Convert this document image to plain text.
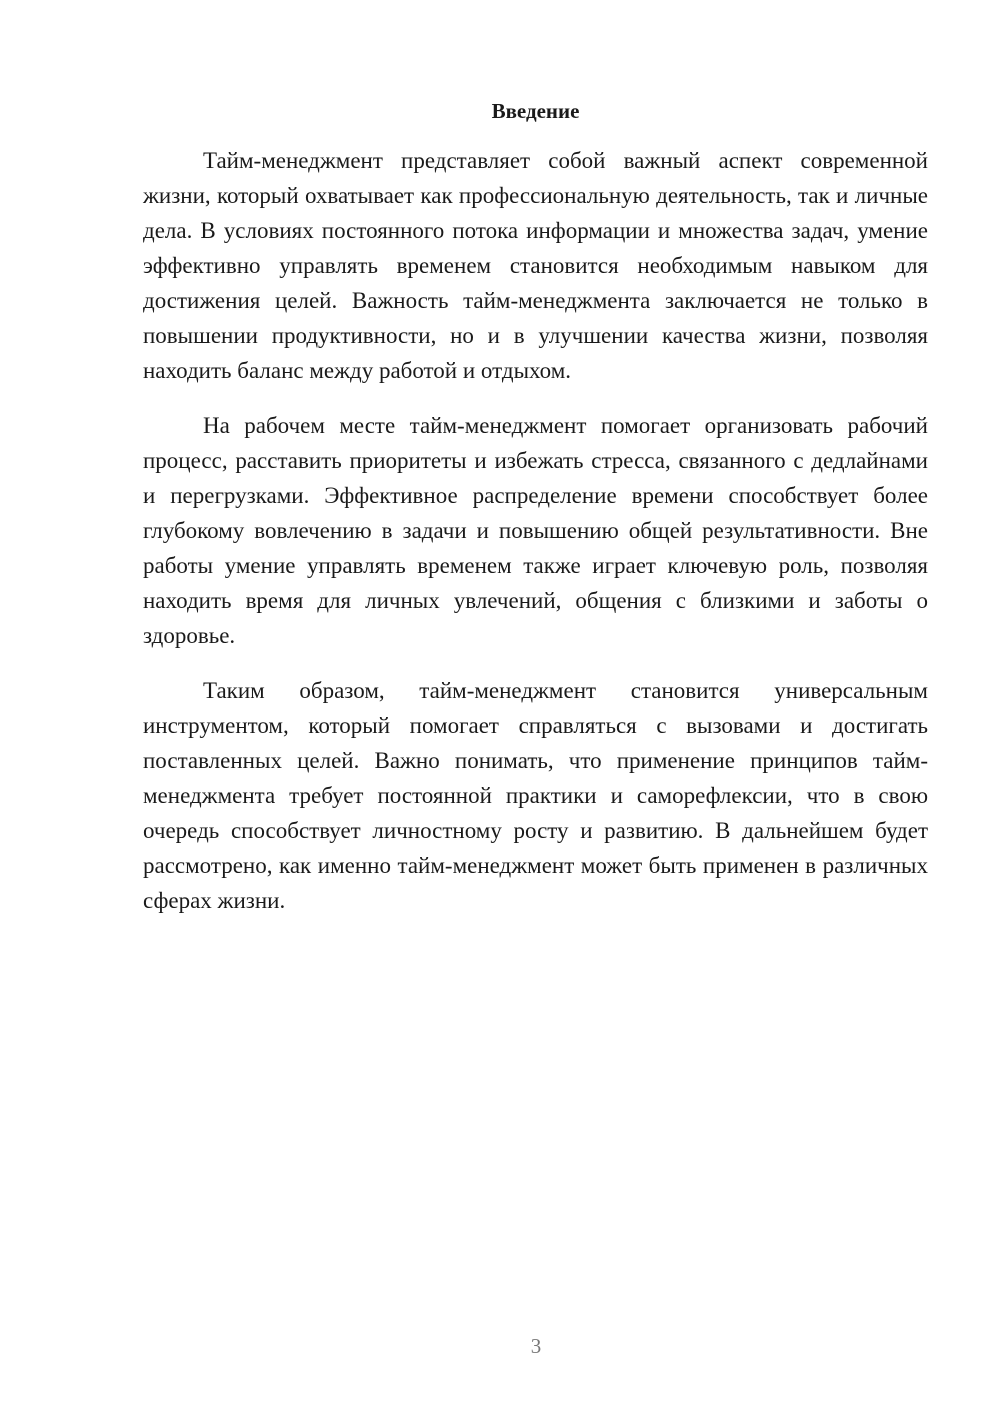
Введение

Тайм-менеджмент представляет собой важный аспект современной жизни, который охватывает как профессиональную деятельность, так и личные дела. В условиях постоянного потока информации и множества задач, умение эффективно управлять временем становится необходимым навыком для достижения целей. Важность тайм-менеджмента заключается не только в повышении продуктивности, но и в улучшении качества жизни, позволяя находить баланс между работой и отдыхом.

На рабочем месте тайм-менеджмент помогает организовать рабочий процесс, расставить приоритеты и избежать стресса, связанного с дедлайнами и перегрузками. Эффективное распределение времени способствует более глубокому вовлечению в задачи и повышению общей результативности. Вне работы умение управлять временем также играет ключевую роль, позволяя находить время для личных увлечений, общения с близкими и заботы о здоровье.

Таким образом, тайм-менеджмент становится универсальным инструментом, который помогает справляться с вызовами и достигать поставленных целей. Важно понимать, что применение принципов тайм-менеджмента требует постоянной практики и саморефлексии, что в свою очередь способствует личностному росту и развитию. В дальнейшем будет рассмотрено, как именно тайм-менеджмент может быть применен в различных сферах жизни.

3
